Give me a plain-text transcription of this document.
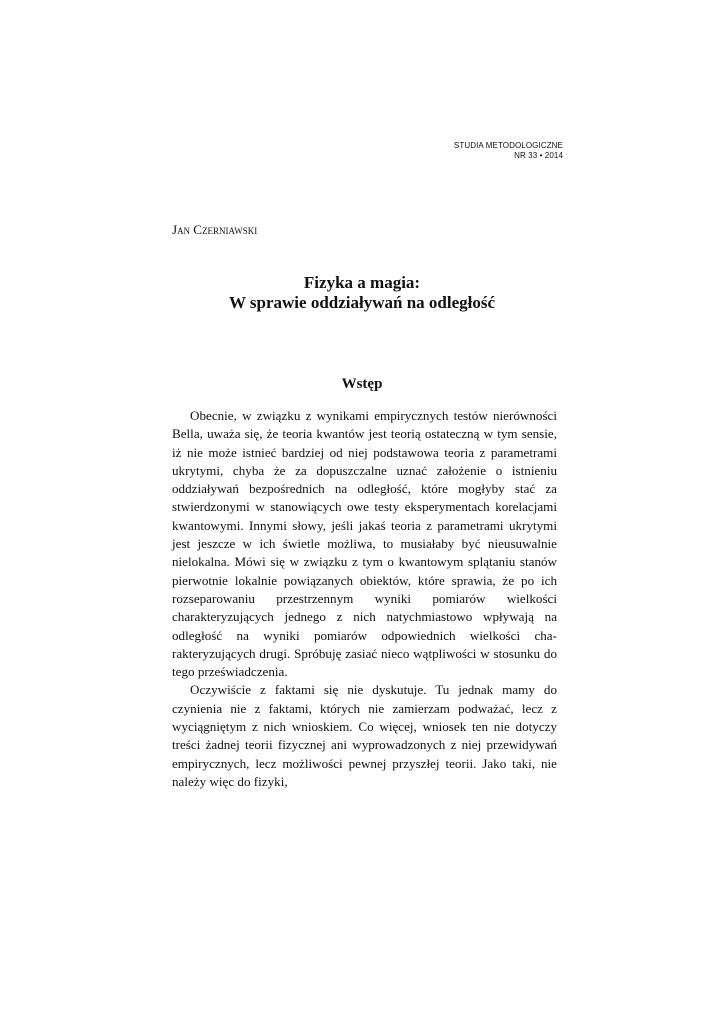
STUDIA METODOLOGICZNE
NR 33 • 2014
Jan Czerniawski
Fizyka a magia:
W sprawie oddziaływań na odległość
Wstęp

Obecnie, w związku z wynikami empirycznych testów nierówności Bella, uważa się, że teoria kwantów jest teorią ostateczną w tym sensie, iż nie może istnieć bardziej od niej podstawowa teoria z parametrami ukrytymi, chyba że za dopuszczalne uznać założenie o istnieniu oddziaływań bezpośrednich na odległość, które mogłyby stać za stwierdzonymi w stanowiących owe testy eksperymentach korelacjami kwantowymi. Innymi słowy, jeśli jakaś teoria z parametrami ukrytymi jest jeszcze w ich świetle możliwa, to musiałaby być nieusuwalnie nielokalna. Mówi się w związku z tym o kwantowym splątaniu stanów pierwotnie lokalnie powiązanych obiektów, które sprawia, że po ich rozseparowaniu przestrzennym wyniki pomiarów wielkości charakteryzujących jednego z nich natychmiastowo wpływają na odległość na wyniki pomiarów odpowiednich wielkości charakteryzujących drugi. Spróbuję zasiać nieco wątpliwości w stosunku do tego przeświadczenia.

Oczywiście z faktami się nie dyskutuje. Tu jednak mamy do czynienia nie z faktami, których nie zamierzam podważać, lecz z wyciągniętym z nich wnioskiem. Co więcej, wniosek ten nie dotyczy treści żadnej teorii fizycznej ani wyprowadzonych z niej przewidywań empirycznych, lecz możliwości pewnej przyszłej teorii. Jako taki, nie należy więc do fizyki,
